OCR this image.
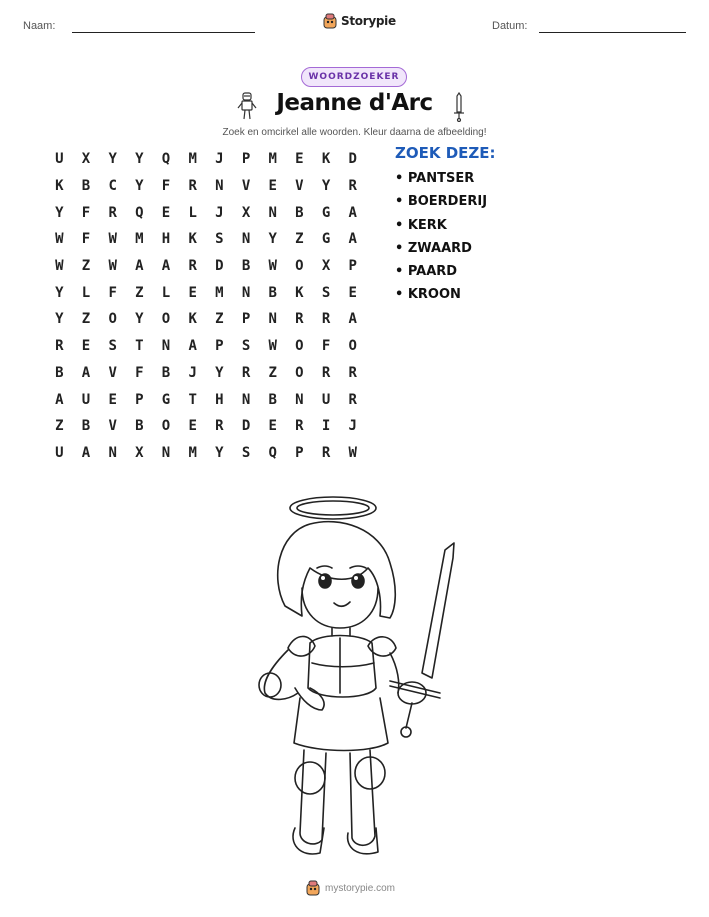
Naam:	Storypie	Datum:
WOORDZOEKER
Jeanne d'Arc
Zoek en omcirkel alle woorden. Kleur daarna de afbeelding!
U	X	Y	Y	Q	M	J	P	M	E	K	D
K	B	C	Y	F	R	N	V	E	V	Y	R
Y	F	R	Q	E	L	J	X	N	B	G	A
W	F	W	M	H	K	S	N	Y	Z	G	A
W	Z	W	A	A	R	D	B	W	O	X	P
Y	L	F	Z	L	E	M	N	B	K	S	E
Y	Z	O	Y	O	K	Z	P	N	R	R	A
R	E	S	T	N	A	P	S	W	O	F	O
B	A	V	F	B	J	Y	R	Z	O	R	R
A	U	E	P	G	T	H	N	B	N	U	R
Z	B	V	B	O	E	R	D	E	R	I	J
U	A	N	X	N	M	Y	S	Q	P	R	W
ZOEK DEZE:
• PANTSER
• BOERDERIJ
• KERK
• ZWAARD
• PAARD
• KROON
mystorypie.com
